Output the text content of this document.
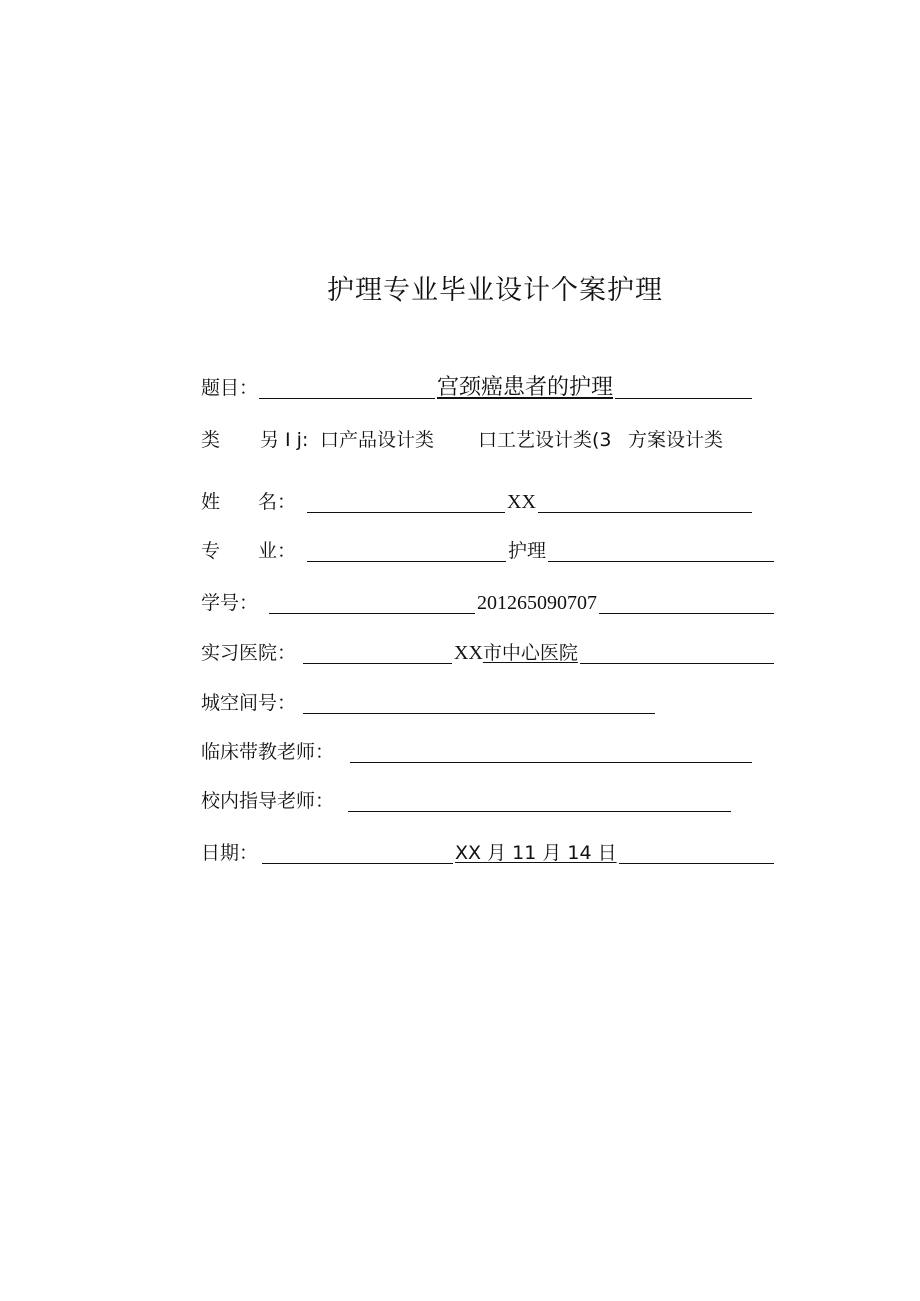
护理专业毕业设计个案护理
题目：	宫颈癌患者的护理
类 另 I j: 口产品设计类 口工艺设计类(3 方案设计类
姓　　名：	XX
专　　业：	护理
学号：	201265090707
实习医院：	XX市中心医院
城空间号：
临床带教老师：
校内指导老师：
日期：	XX 月 11 月 14 日
